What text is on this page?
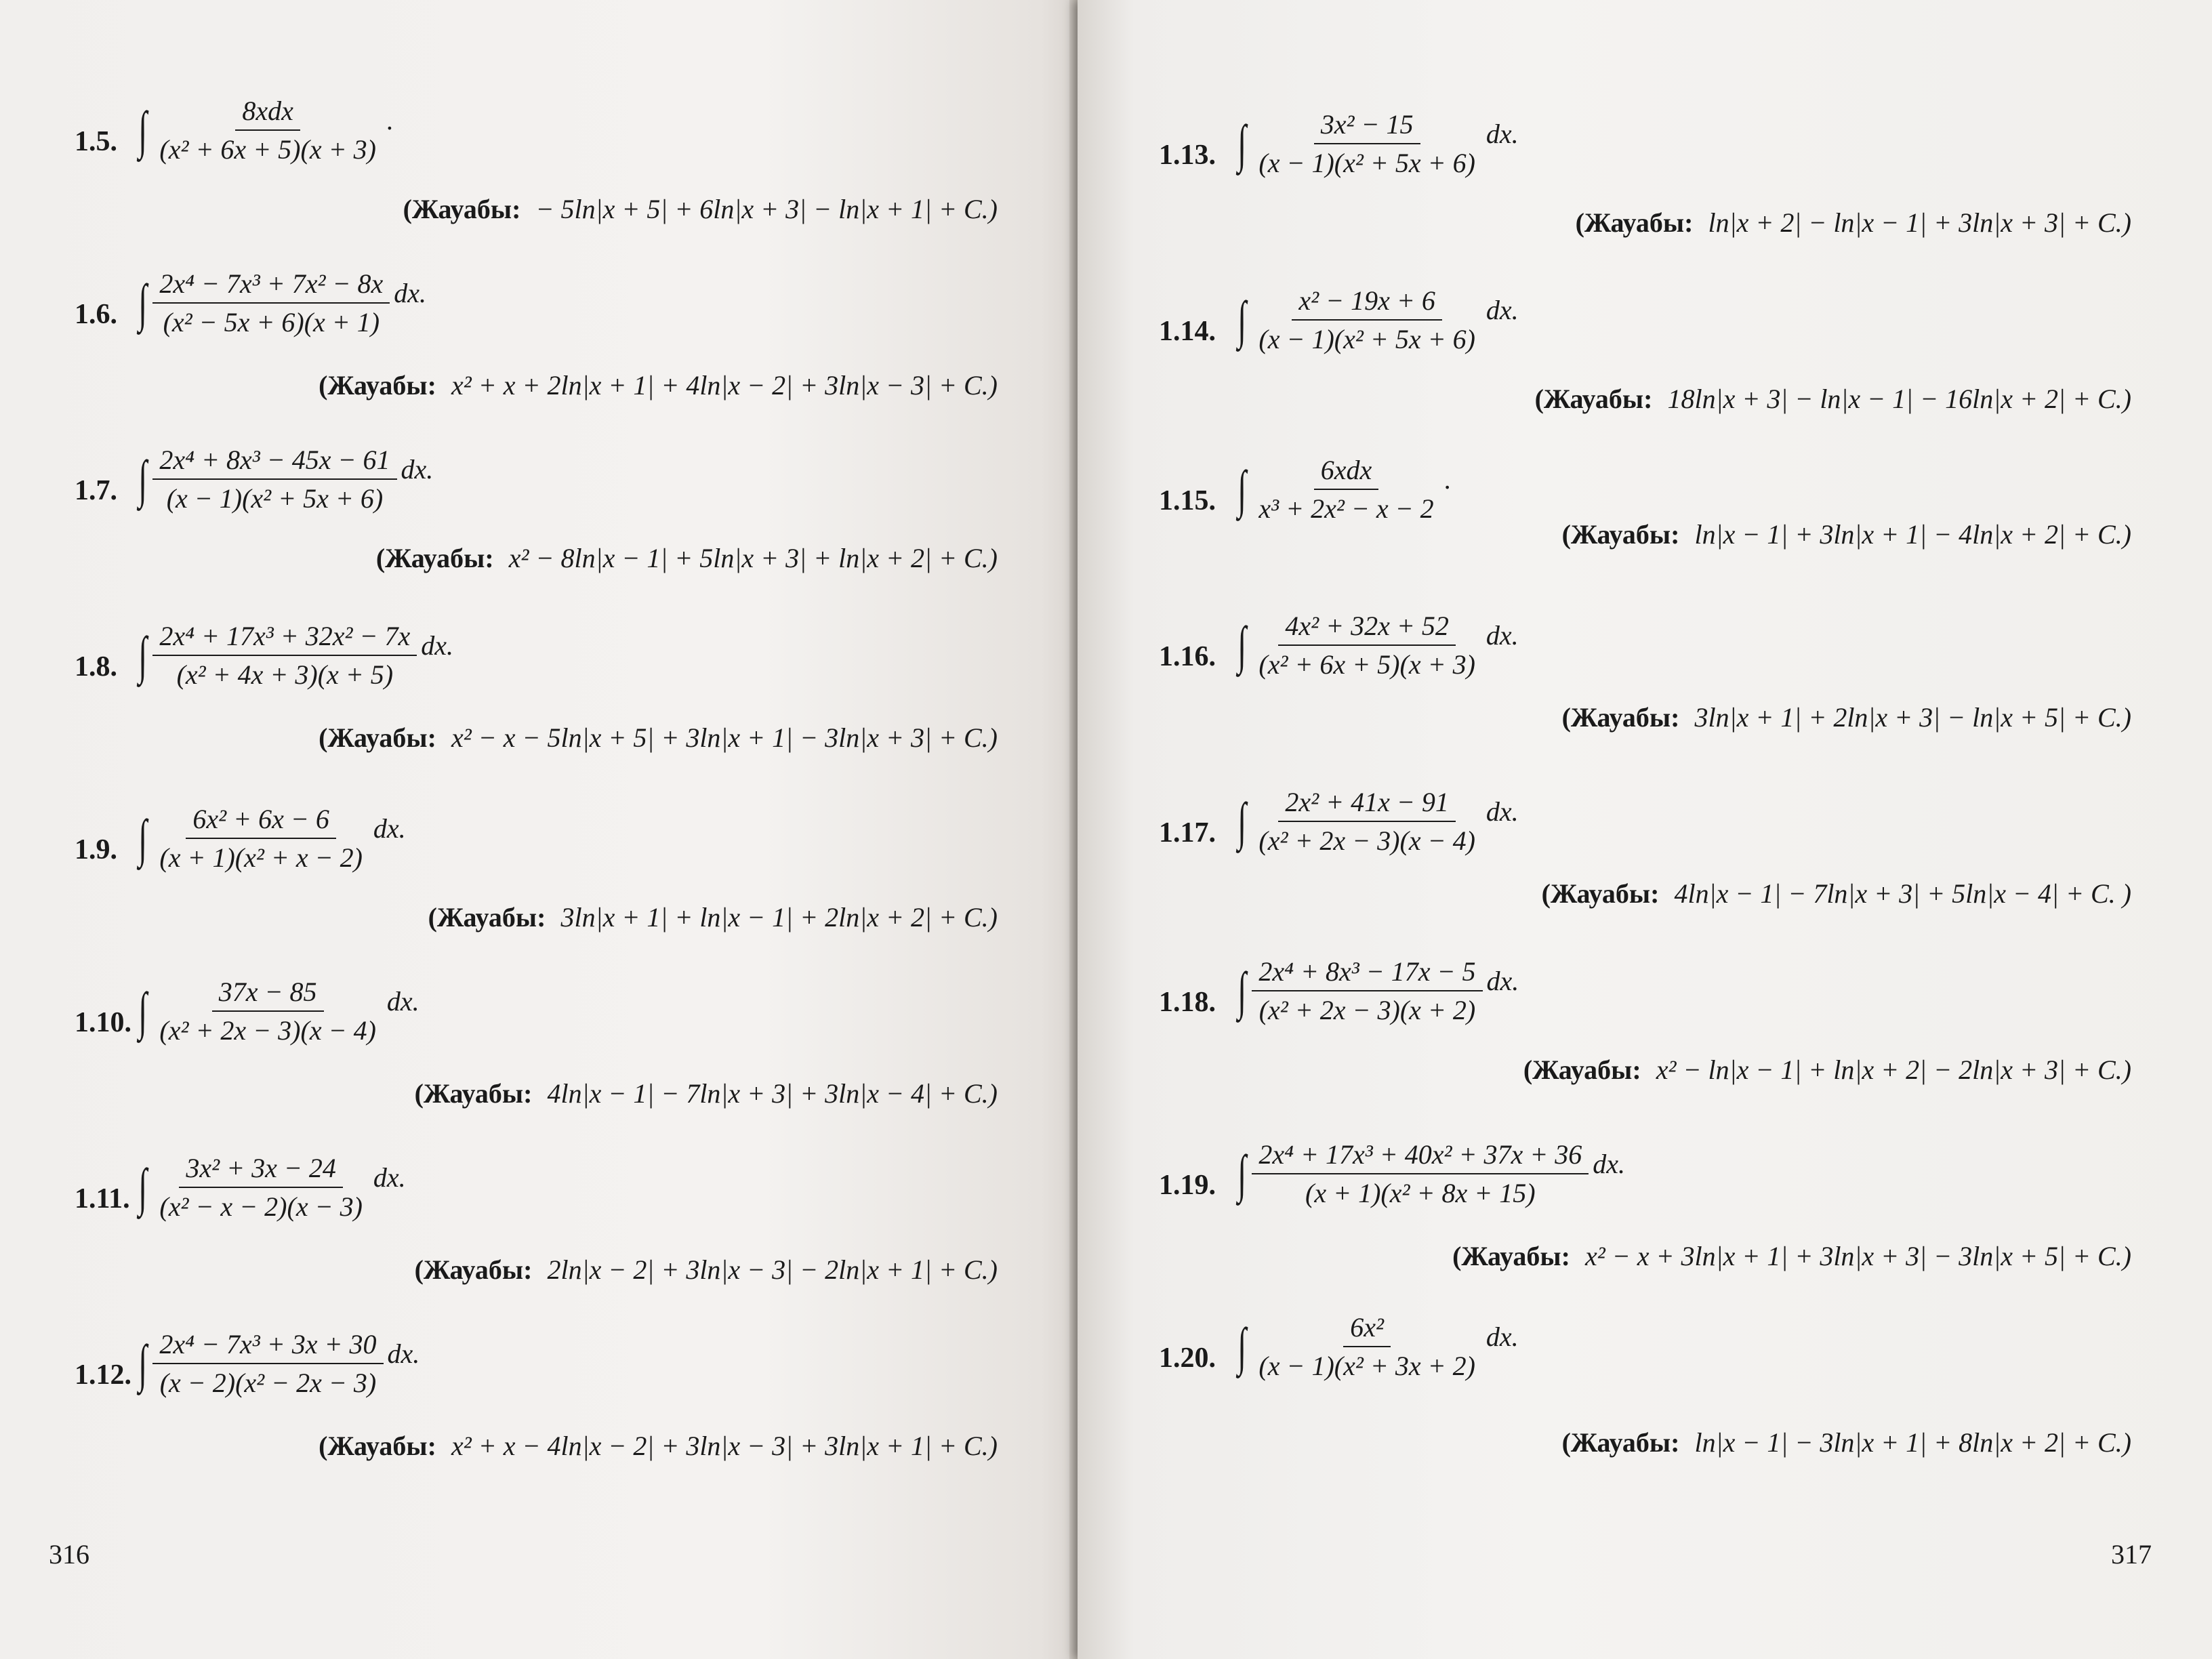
1.5. ∫ $\frac{\text{8xdx}}{\text{(x² + 6x + 5)(x + 3)}}$ .
(Жауабы: − 5ln|x + 5| + 6ln|x + 3| − ln|x + 1| + C.)
1.6. ∫ $\frac{\text{2x⁴ − 7x³ + 7x² − 8x}}{\text{(x² − 5x + 6)(x + 1)}}$ dx.
(Жауабы: x² + x + 2ln|x + 1| + 4ln|x − 2| + 3ln|x − 3| + C.)
1.7. ∫ $\frac{\text{2x⁴ + 8x³ − 45x − 61}}{\text{(x − 1)(x² + 5x + 6)}}$ dx.
(Жауабы: x² − 8ln|x − 1| + 5ln|x + 3| + ln|x + 2| + C.)
1.8. ∫ $\frac{\text{2x⁴ + 17x³ + 32x² − 7x}}{\text{(x² + 4x + 3)(x + 5)}}$ dx.
(Жауабы: x² − x − 5ln|x + 5| + 3ln|x + 1| − 3ln|x + 3| + C.)
1.9. ∫ $\frac{\text{6x² + 6x − 6}}{\text{(x + 1)(x² + x − 2)}}$ dx.
(Жауабы: 3ln|x + 1| + ln|x − 1| + 2ln|x + 2| + C.)
1.10. ∫ $\frac{37x - 85}{\text{(x² + 2x − 3)(x − 4)}}$ dx.
(Жауабы: 4ln|x − 1| − 7ln|x + 3| + 3ln|x − 4| + C.)
1.11. ∫ $\frac{\text{3x² + 3x − 24}}{\text{(x² − x − 2)(x − 3)}}$ dx.
(Жауабы: 2ln|x − 2| + 3ln|x − 3| − 2ln|x + 1| + C.)
1.12. ∫ $\frac{\text{2x⁴ − 7x³ + 3x + 30}}{\text{(x − 2)(x² − 2x − 3)}}$ dx.
(Жауабы: x² + x − 4ln|x − 2| + 3ln|x − 3| + 3ln|x + 1| + C.)
316
1.13. ∫ $\frac{\text{3x² − 15}}{\text{(x − 1)(x² + 5x + 6)}}$ dx.
(Жауабы: ln|x + 2| − ln|x − 1| + 3ln|x + 3| + C.)
1.14. ∫ $\frac{\text{x² − 19x + 6}}{\text{(x − 1)(x² + 5x + 6)}}$ dx.
(Жауабы: 18ln|x + 3| − ln|x − 1| − 16ln|x + 2| + C.)
1.15. ∫ $\frac{\text{6xdx}}{\text{x³ + 2x² − x − 2}}$ .
(Жауабы: ln|x − 1| + 3ln|x + 1| − 4ln|x + 2| + C.)
1.16. ∫ $\frac{\text{4x² + 32x + 52}}{\text{(x² + 6x + 5)(x + 3)}}$ dx.
(Жауабы: 3ln|x + 1| + 2ln|x + 3| − ln|x + 5| + C.)
1.17. ∫ $\frac{\text{2x² + 41x − 91}}{\text{(x² + 2x − 3)(x − 4)}}$ dx.
(Жауабы: 4ln|x − 1| − 7ln|x + 3| + 5ln|x − 4| + C. )
1.18. ∫ $\frac{\text{2x⁴ + 8x³ − 17x − 5}}{\text{(x² + 2x − 3)(x + 2)}}$ dx.
(Жауабы: x² − ln|x − 1| + ln|x + 2| − 2ln|x + 3| + C.)
1.19. ∫ $\frac{\text{2x⁴ + 17x³ + 40x² + 37x + 36}}{\text{(x + 1)(x² + 8x + 15)}}$ dx.
(Жауабы: x² − x + 3ln|x + 1| + 3ln|x + 3| − 3ln|x + 5| + C.)
1.20. ∫ $\frac{\text{6x²}}{\text{(x − 1)(x² + 3x + 2)}}$ dx.
(Жауабы: ln|x − 1| − 3ln|x + 1| + 8ln|x + 2| + C.)
317
